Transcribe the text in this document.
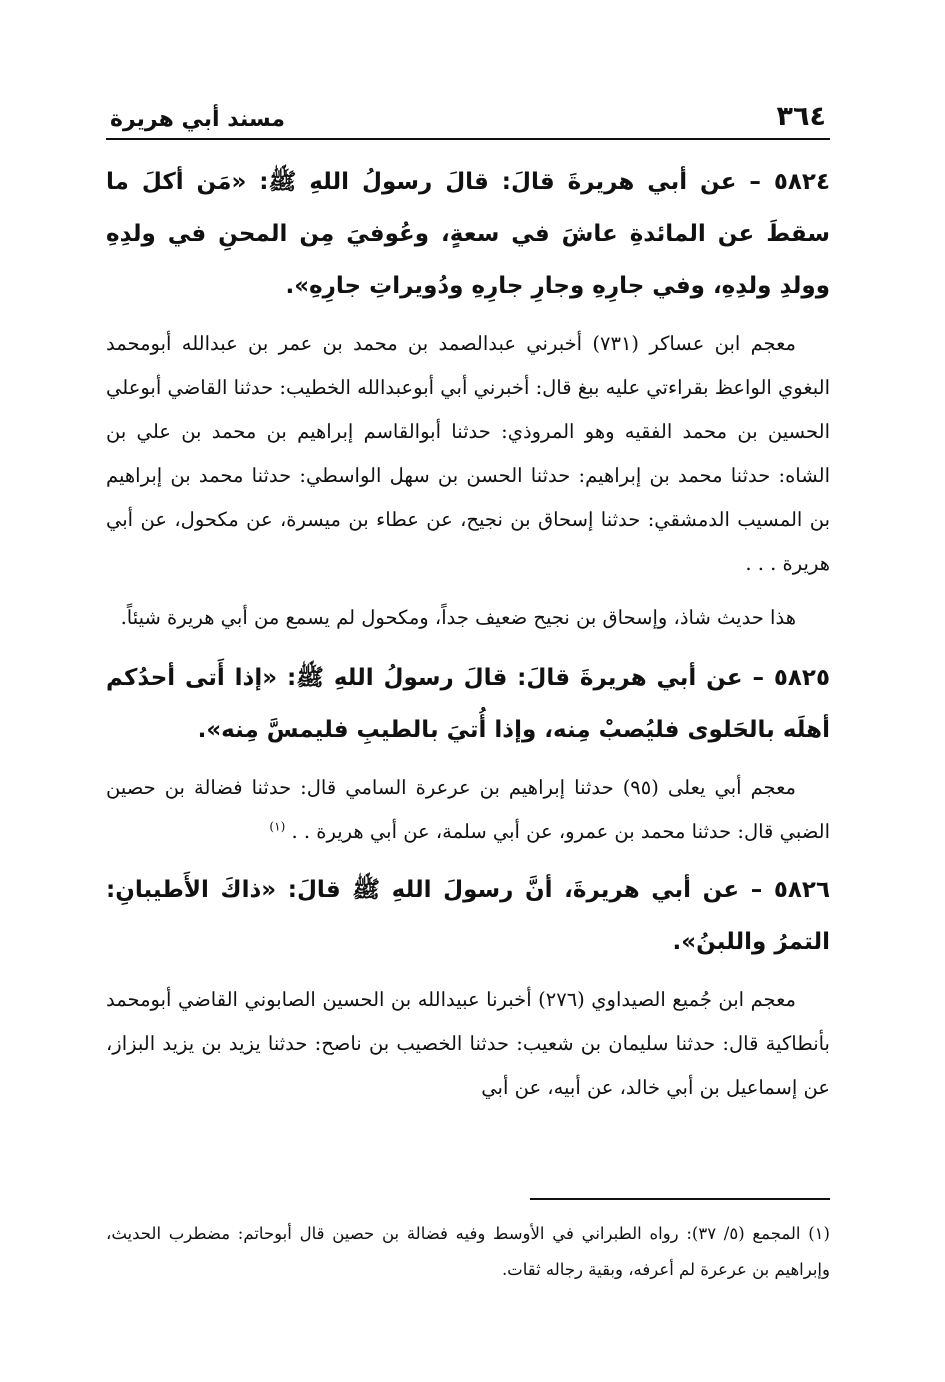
٣٦٤
مسند أبي هريرة

٥٨٢٤ – عن أبي هريرةَ قالَ: قالَ رسولُ اللهِ ﷺ: «مَن أكلَ ما سقطَ عن المائدةِ عاشَ في سعةٍ، وعُوفيَ مِن المحنِ في ولدِهِ وولدِ ولدِهِ، وفي جارِهِ وجارِ جارِهِ ودُويراتِ جارِهِ».

معجم ابن عساكر (٧٣١) أخبرني عبدالصمد بن محمد بن عمر بن عبدالله أبومحمد البغوي الواعظ بقراءتي عليه ببغ قال: أخبرني أبي أبوعبدالله الخطيب: حدثنا القاضي أبوعلي الحسين بن محمد الفقيه وهو المروذي: حدثنا أبوالقاسم إبراهيم بن محمد بن علي بن الشاه: حدثنا محمد بن إبراهيم: حدثنا الحسن بن سهل الواسطي: حدثنا محمد بن إبراهيم بن المسيب الدمشقي: حدثنا إسحاق بن نجيح، عن عطاء بن ميسرة، عن مكحول، عن أبي هريرة . . .

هذا حديث شاذ، وإسحاق بن نجيح ضعيف جداً، ومكحول لم يسمع من أبي هريرة شيئاً.

٥٨٢٥ – عن أبي هريرةَ قالَ: قالَ رسولُ اللهِ ﷺ: «إذا أَتى أحدُكم أهلَه بالحَلوى فليُصبْ مِنه، وإذا أُتيَ بالطيبِ فليمسَّ مِنه».

معجم أبي يعلى (٩٥) حدثنا إبراهيم بن عرعرة السامي قال: حدثنا فضالة بن حصين الضبي قال: حدثنا محمد بن عمرو، عن أبي سلمة، عن أبي هريرة . . $^{(١)}$

٥٨٢٦ – عن أبي هريرةَ، أنَّ رسولَ اللهِ ﷺ قالَ: «ذاكَ الأَطيبانِ: التمرُ واللبنُ».

معجم ابن جُميع الصيداوي (٢٧٦) أخبرنا عبيدالله بن الحسين الصابوني القاضي أبومحمد بأنطاكية قال: حدثنا سليمان بن شعيب: حدثنا الخصيب بن ناصح: حدثنا يزيد بن يزيد البزاز، عن إسماعيل بن أبي خالد، عن أبيه، عن أبي

(١) المجمع (٥/ ٣٧): رواه الطبراني في الأوسط وفيه فضالة بن حصين قال أبوحاتم: مضطرب الحديث، وإبراهيم بن عرعرة لم أعرفه، وبقية رجاله ثقات.
